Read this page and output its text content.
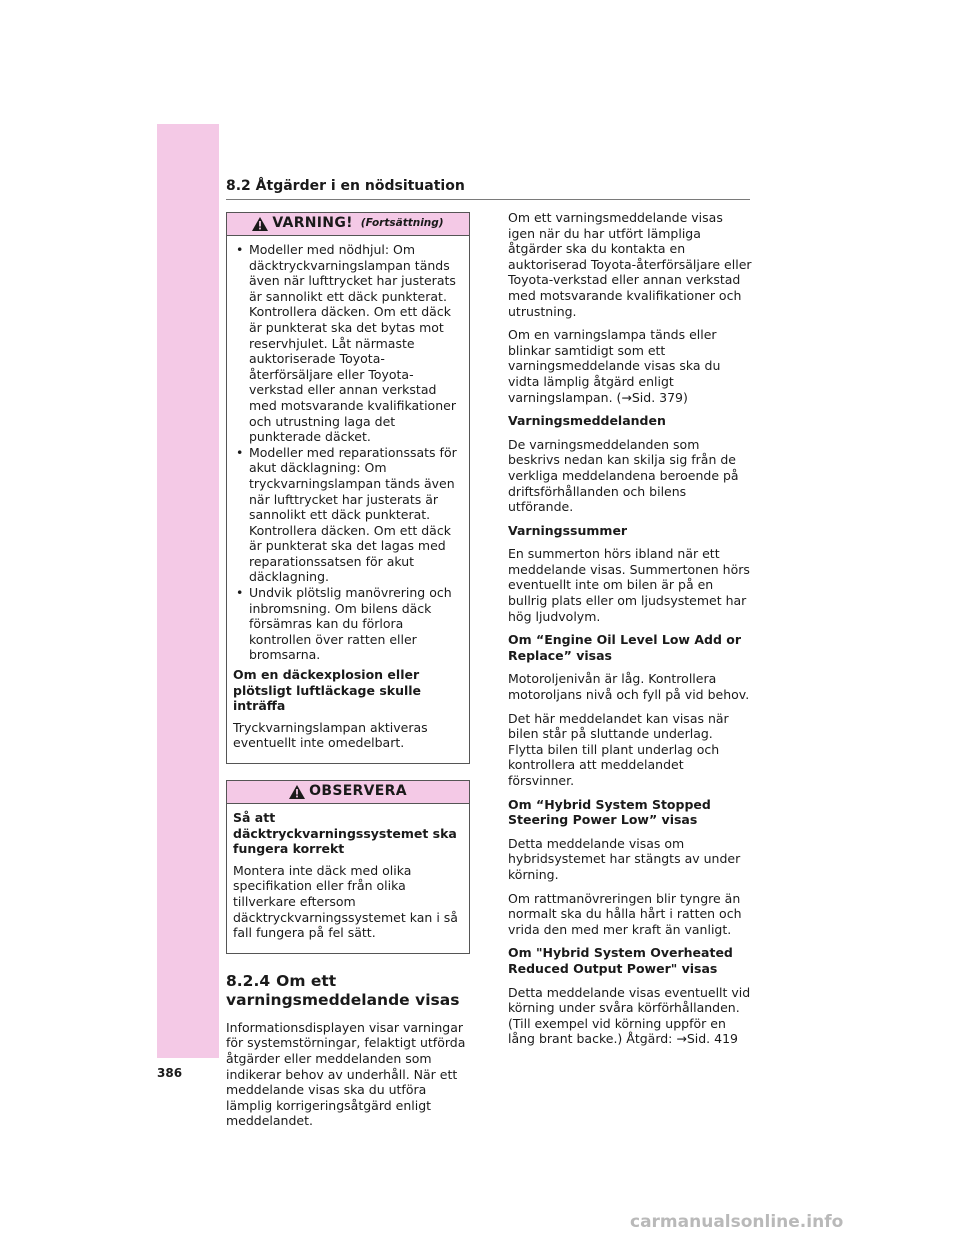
8.2 Åtgärder i en nödsituation
VARNING! (Fortsättning)
• Modeller med nödhjul: Om däcktryckvarningslampan tänds även när lufttrycket har justerats är sannolikt ett däck punkterat. Kontrollera däcken. Om ett däck är punkterat ska det bytas mot reservhjulet. Låt närmaste auktoriserade Toyota-återförsäljare eller Toyota-verkstad eller annan verkstad med motsvarande kvalifikationer och utrustning laga det punkterade däcket.
• Modeller med reparationssats för akut däcklagning: Om tryckvarningslampan tänds även när lufttrycket har justerats är sannolikt ett däck punkterat. Kontrollera däcken. Om ett däck är punkterat ska det lagas med reparationssatsen för akut däcklagning.
• Undvik plötslig manövrering och inbromsning. Om bilens däck försämras kan du förlora kontrollen över ratten eller bromsarna.

Om en däckexplosion eller plötsligt luftläckage skulle inträffa

Tryckvarningslampan aktiveras eventuellt inte omedelbart.

OBSERVERA

Så att däcktryckvarningssystemet ska fungera korrekt

Montera inte däck med olika specifikation eller från olika tillverkare eftersom däcktryckvarningssystemet kan i så fall fungera på fel sätt.

8.2.4 Om ett varningsmeddelande visas

Informationsdisplayen visar varningar för systemstörningar, felaktigt utförda åtgärder eller meddelanden som indikerar behov av underhåll. När ett meddelande visas ska du utföra lämplig korrigeringsåtgärd enligt meddelandet.

Om ett varningsmeddelande visas igen när du har utfört lämpliga åtgärder ska du kontakta en auktoriserad Toyota-återförsäljare eller Toyota-verkstad eller annan verkstad med motsvarande kvalifikationer och utrustning.

Om en varningslampa tänds eller blinkar samtidigt som ett varningsmeddelande visas ska du vidta lämplig åtgärd enligt varningslampan. (→Sid. 379)

Varningsmeddelanden

De varningsmeddelanden som beskrivs nedan kan skilja sig från de verkliga meddelandena beroende på driftsförhållanden och bilens utförande.

Varningssummer

En summerton hörs ibland när ett meddelande visas. Summertonen hörs eventuellt inte om bilen är på en bullrig plats eller om ljudsystemet har hög ljudvolym.

Om “Engine Oil Level Low Add or Replace” visas

Motoroljenivån är låg. Kontrollera motoroljans nivå och fyll på vid behov.

Det här meddelandet kan visas när bilen står på sluttande underlag. Flytta bilen till plant underlag och kontrollera att meddelandet försvinner.

Om “Hybrid System Stopped Steering Power Low” visas

Detta meddelande visas om hybridsystemet har stängts av under körning.

Om rattmanövreringen blir tyngre än normalt ska du hålla hårt i ratten och vrida den med mer kraft än vanligt.

Om "Hybrid System Overheated Reduced Output Power" visas

Detta meddelande visas eventuellt vid körning under svåra körförhållanden. (Till exempel vid körning uppför en lång brant backe.) Åtgärd: →Sid. 419

386
carmanualsonline.info
